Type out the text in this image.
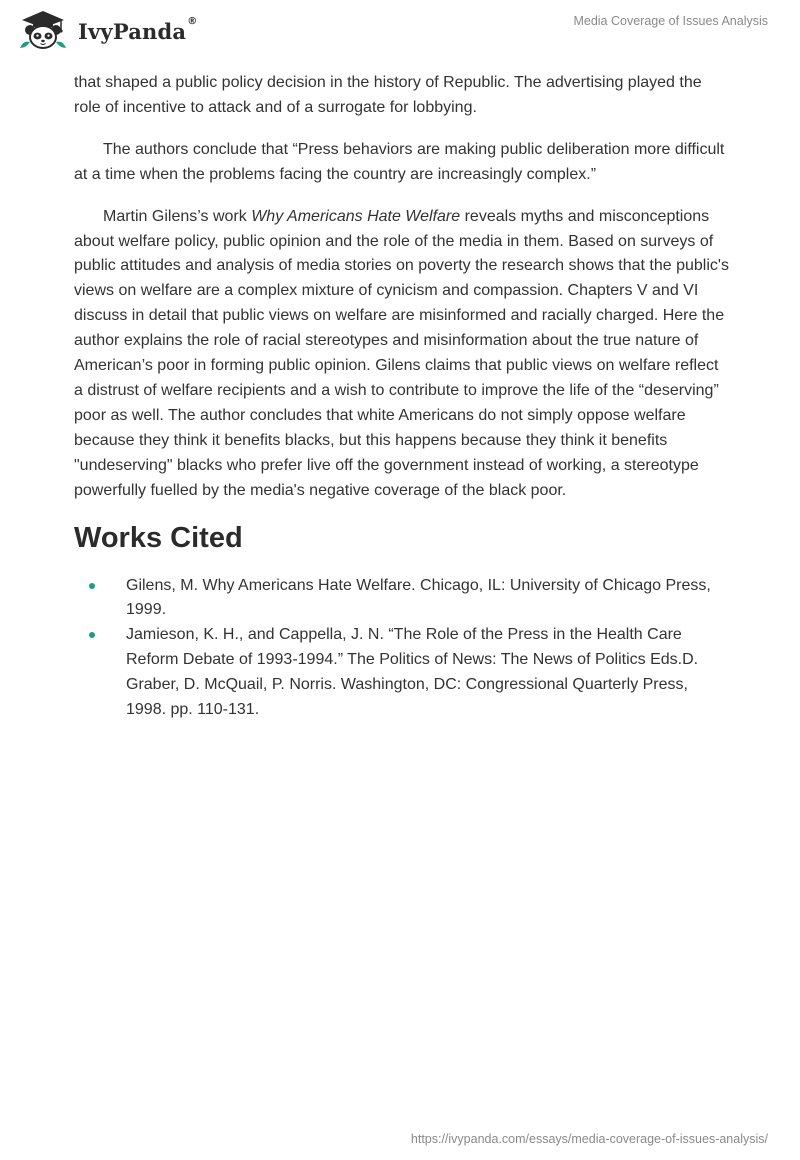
IvyPanda®	Media Coverage of Issues Analysis

that shaped a public policy decision in the history of Republic. The advertising played the role of incentive to attack and of a surrogate for lobbying.

The authors conclude that “Press behaviors are making public deliberation more difficult at a time when the problems facing the country are increasingly complex.”

Martin Gilens’s work Why Americans Hate Welfare reveals myths and misconceptions about welfare policy, public opinion and the role of the media in them. Based on surveys of public attitudes and analysis of media stories on poverty the research shows that the public's views on welfare are a complex mixture of cynicism and compassion. Chapters V and VI discuss in detail that public views on welfare are misinformed and racially charged. Here the author explains the role of racial stereotypes and misinformation about the true nature of American’s poor in forming public opinion. Gilens claims that public views on welfare reflect a distrust of welfare recipients and a wish to contribute to improve the life of the “deserving” poor as well. The author concludes that white Americans do not simply oppose welfare because they think it benefits blacks, but this happens because they think it benefits "undeserving" blacks who prefer live off the government instead of working, a stereotype powerfully fuelled by the media's negative coverage of the black poor.

Works Cited
Gilens, M. Why Americans Hate Welfare. Chicago, IL: University of Chicago Press, 1999.
Jamieson, K. H., and Cappella, J. N. “The Role of the Press in the Health Care Reform Debate of 1993-1994.” The Politics of News: The News of Politics Eds.D. Graber, D. McQuail, P. Norris. Washington, DC: Congressional Quarterly Press, 1998. pp. 110-131.
https://ivypanda.com/essays/media-coverage-of-issues-analysis/
